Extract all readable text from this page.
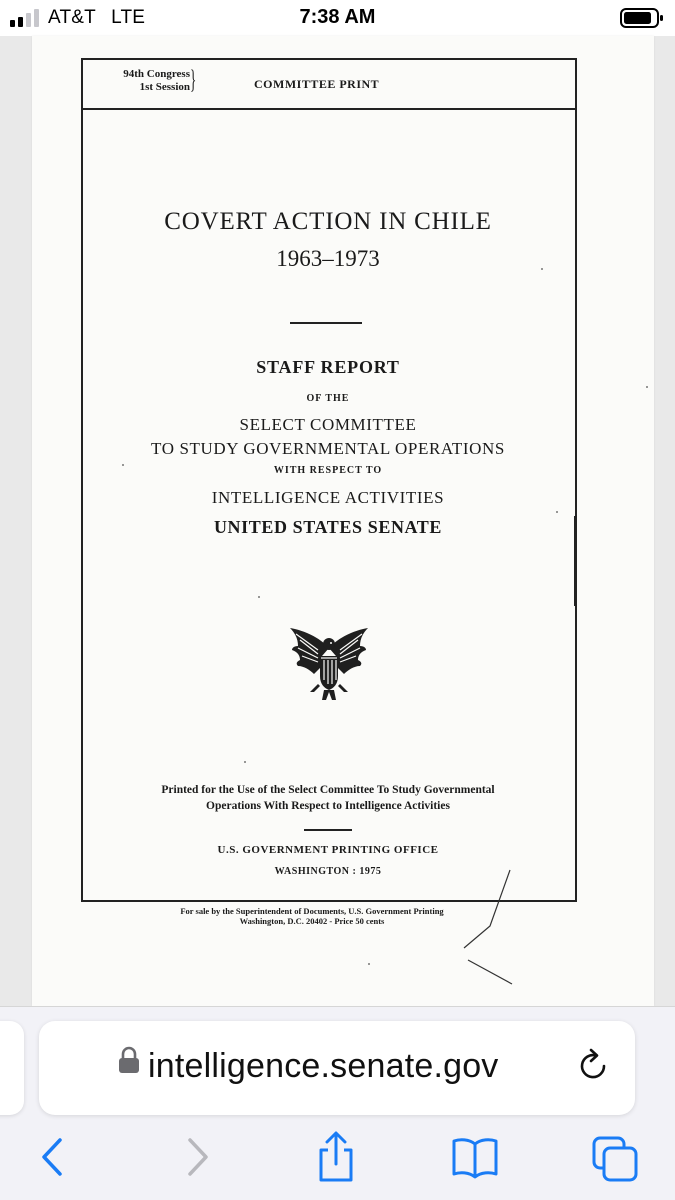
AT&T LTE	7:38 AM
94th Congress
1st Session }	COMMITTEE PRINT
COVERT ACTION IN CHILE
1963–1973
STAFF REPORT
OF THE
SELECT COMMITTEE
TO STUDY GOVERNMENTAL OPERATIONS
WITH RESPECT TO
INTELLIGENCE ACTIVITIES
UNITED STATES SENATE
Printed for the Use of the Select Committee To Study Governmental
Operations With Respect to Intelligence Activities
U.S. GOVERNMENT PRINTING OFFICE
WASHINGTON : 1975
For sale by the Superintendent of Documents, U.S. Government Printing
Washington, D.C. 20402 - Price 50 cents
intelligence.senate.gov
